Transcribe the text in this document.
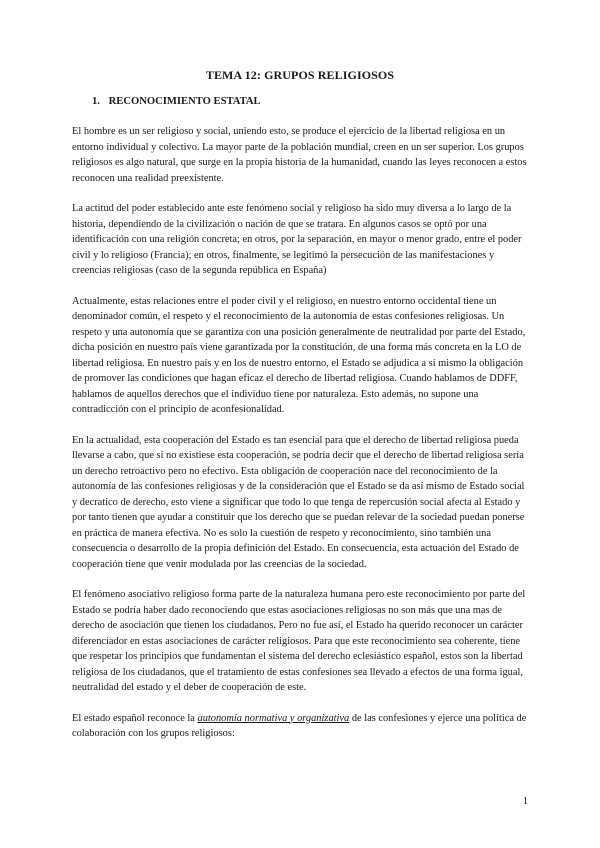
TEMA 12: GRUPOS RELIGIOSOS
1. RECONOCIMIENTO ESTATAL

El hombre es un ser religioso y social, uniendo esto, se produce el ejercicio de la libertad religiosa en un entorno individual y colectivo. La mayor parte de la población mundial, creen en un ser superior. Los grupos religiosos es algo natural, que surge en la propia historia de la humanidad, cuando las leyes reconocen a estos reconocen una realidad preexistente.

La actitud del poder establecido ante este fenómeno social y religioso ha sido muy diversa a lo largo de la historia, dependiendo de la civilización o nación de que se tratara. En algunos casos se optó por una identificación con una religión concreta; en otros, por la separación, en mayor o menor grado, entre el poder civil y lo religioso (Francia); en otros, finalmente, se legitimó la persecución de las manifestaciones y creencias religiosas (caso de la segunda república en España)

Actualmente, estas relaciones entre el poder civil y el religioso, en nuestro entorno occidental tiene un denominador común, el respeto y el reconocimiento de la autonomía de estas confesiones religiosas. Un respeto y una autonomía que se garantiza con una posición generalmente de neutralidad por parte del Estado, dicha posición en nuestro país viene garantizada por la constitución, de una forma más concreta en la LO de libertad religiosa. En nuestro país y en los de nuestro entorno, el Estado se adjudica a sí mismo la obligación de promover las condiciones que hagan eficaz el derecho de libertad religiosa. Cuando hablamos de DDFF, hablamos de aquellos derechos que el individuo tiene por naturaleza. Esto además, no supone una contradicción con el principio de aconfesionalidad.

En la actualidad, esta cooperación del Estado es tan esencial para que el derecho de libertad religiosa pueda llevarse a cabo, que si no existiese esta cooperación, se podría decir que el derecho de libertad religiosa sería un derecho retroactivo pero no efectivo. Esta obligación de cooperación nace del reconocimiento de la autonomía de las confesiones religiosas y de la consideración que el Estado se da así mismo de Estado social y decratico de derecho, esto viene a significar que todo lo que tenga de repercusión social afecta al Estado y por tanto tienen que ayudar a constituir que los derecho que se puedan relevar de la sociedad puedan ponerse en práctica de manera efectiva. No es solo la cuestión de respeto y reconocimiento, sino también una consecuencia o desarrollo de la propia definición del Estado. En consecuencia, esta actuación del Estado de cooperación tiene que venir modulada por las creencias de la sociedad.

El fenómeno asociativo religioso forma parte de la naturaleza humana pero este reconocimiento por parte del Estado se podría haber dado reconociendo que estas asociaciones religiosas no son más que una mas de derecho de asociación que tienen los ciudadanos. Pero no fue así, el Estado ha querido reconocer un carácter diferenciador en estas asociaciones de carácter religiosos. Para que este reconocimiento sea coherente, tiene que respetar los principios que fundamentan el sistema del derecho eclesiástico español, estos son la libertad religiosa de los ciudadanos, que el tratamiento de estas confesiones sea llevado a efectos de una forma igual, neutralidad del estado y el deber de cooperación de este.

El estado español reconoce la autonomía normativa y organizativa de las confesiones y ejerce una política de colaboración con los grupos religiosos:

1
